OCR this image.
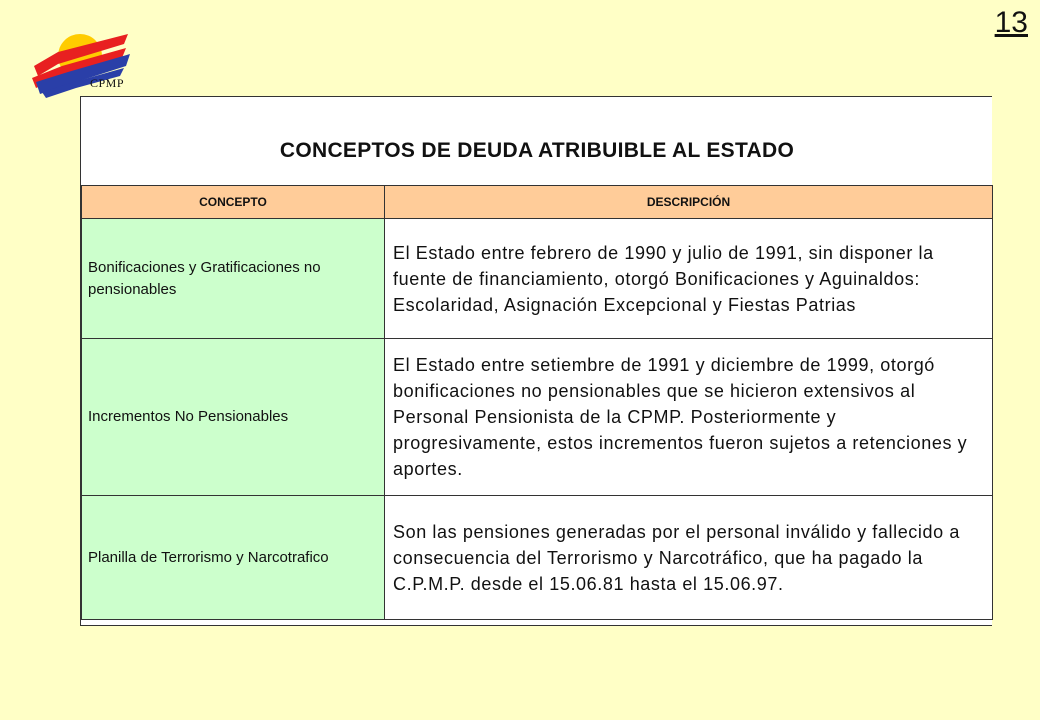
CPMP
13
CONCEPTOS DE DEUDA ATRIBUIBLE AL ESTADO
CONCEPTO	DESCRIPCIÓN
Bonificaciones y Gratificaciones no pensionables	El Estado entre febrero de 1990 y julio de 1991, sin disponer la fuente de financiamiento, otorgó Bonificaciones y Aguinaldos: Escolaridad, Asignación Excepcional y Fiestas Patrias
Incrementos No Pensionables	El Estado entre setiembre de 1991 y diciembre de 1999, otorgó bonificaciones no pensionables que se hicieron extensivos al Personal Pensionista de la CPMP. Posteriormente y progresivamente, estos incrementos fueron sujetos a retenciones y aportes.
Planilla de Terrorismo y Narcotrafico	Son las pensiones generadas por el personal inválido y fallecido a consecuencia del Terrorismo y Narcotráfico, que ha pagado la C.P.M.P. desde el 15.06.81 hasta el 15.06.97.
